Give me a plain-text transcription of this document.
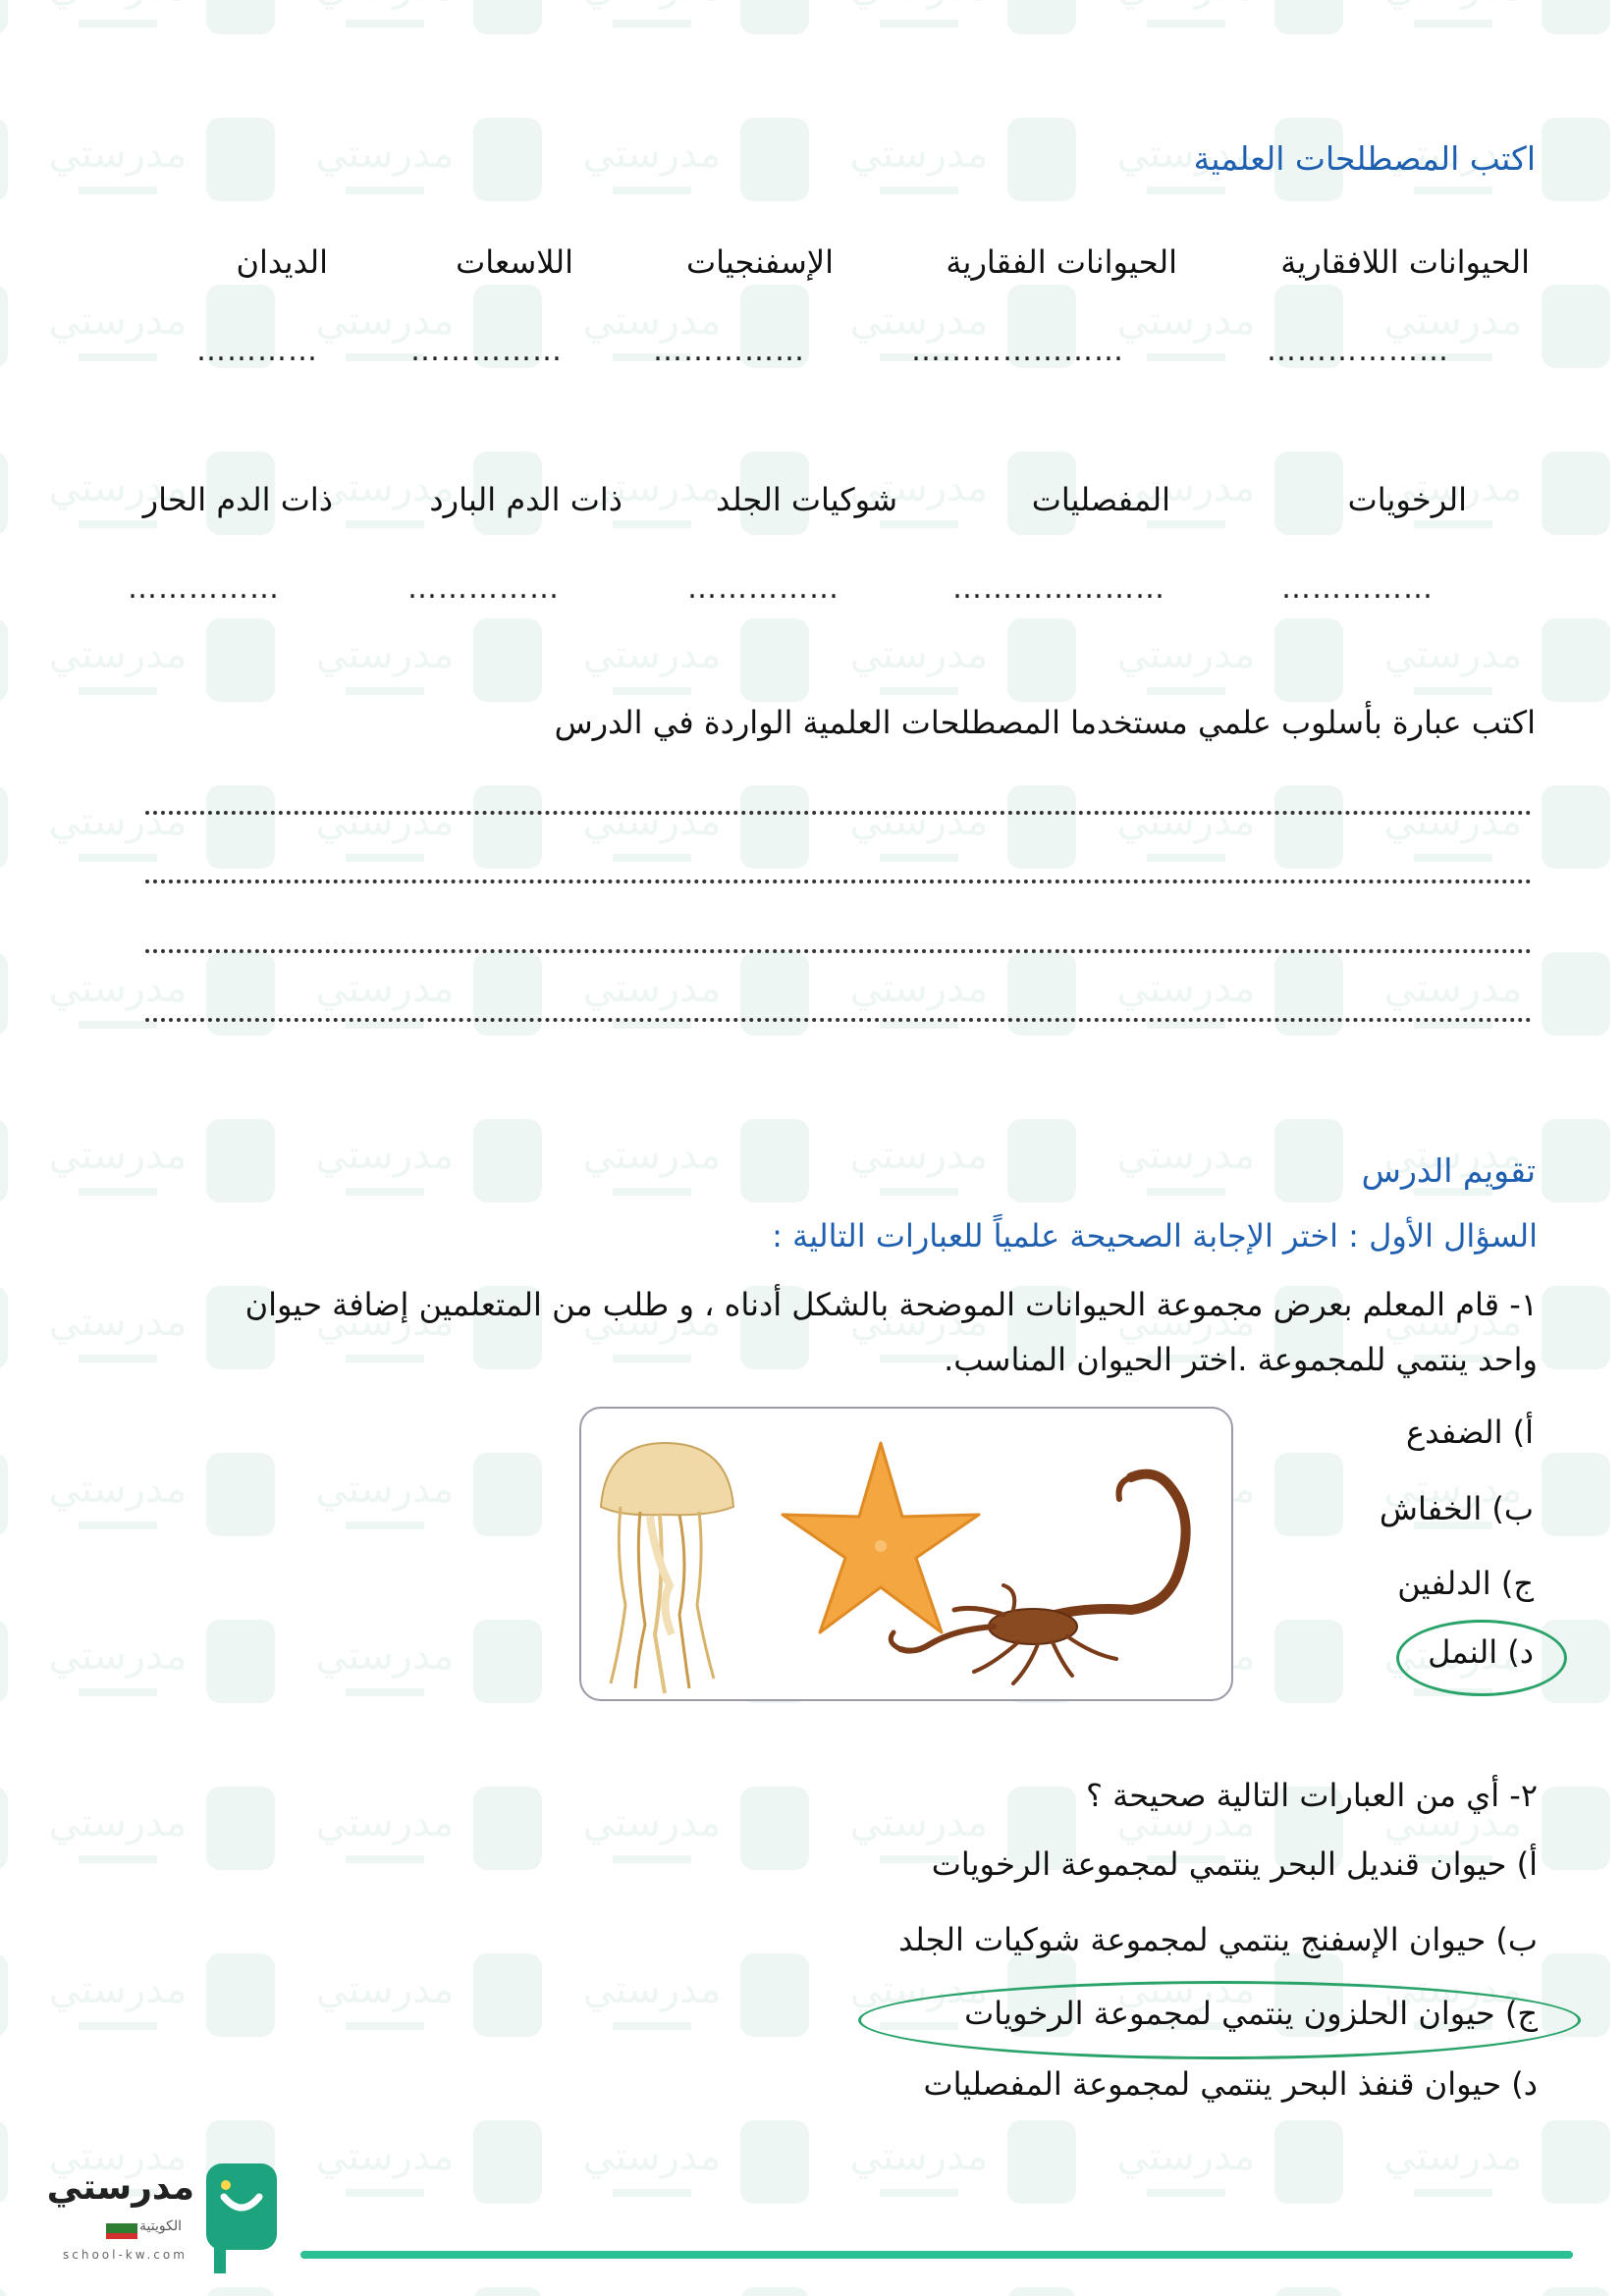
اكتب المصطلحات العلمية
الحيوانات اللافقارية
الحيوانات الفقارية
الإسفنجيات
اللاسعات
الديدان
………………
…………………
……………
……………
…………
الرخويات
المفصليات
شوكيات الجلد
ذات الدم البارد
ذات الدم الحار
……………
…………………
……………
……………
……………
اكتب عبارة بأسلوب علمي مستخدما المصطلحات العلمية الواردة في الدرس
تقويم الدرس
السؤال الأول : اختر الإجابة الصحيحة علمياً للعبارات التالية :
١- قام المعلم بعرض مجموعة الحيوانات الموضحة بالشكل أدناه ، و طلب من المتعلمين إضافة حيوان
واحد ينتمي للمجموعة .اختر الحيوان المناسب.
أ) الضفدع
ب) الخفاش
ج) الدلفين
د) النمل
٢- أي من العبارات التالية صحيحة ؟
أ) حيوان قنديل البحر ينتمي لمجموعة الرخويات
ب) حيوان الإسفنج ينتمي لمجموعة شوكيات الجلد
ج) حيوان الحلزون ينتمي لمجموعة الرخويات
د) حيوان قنفذ البحر ينتمي لمجموعة المفصليات
مدرستي
الكويتية
school-kw.com
